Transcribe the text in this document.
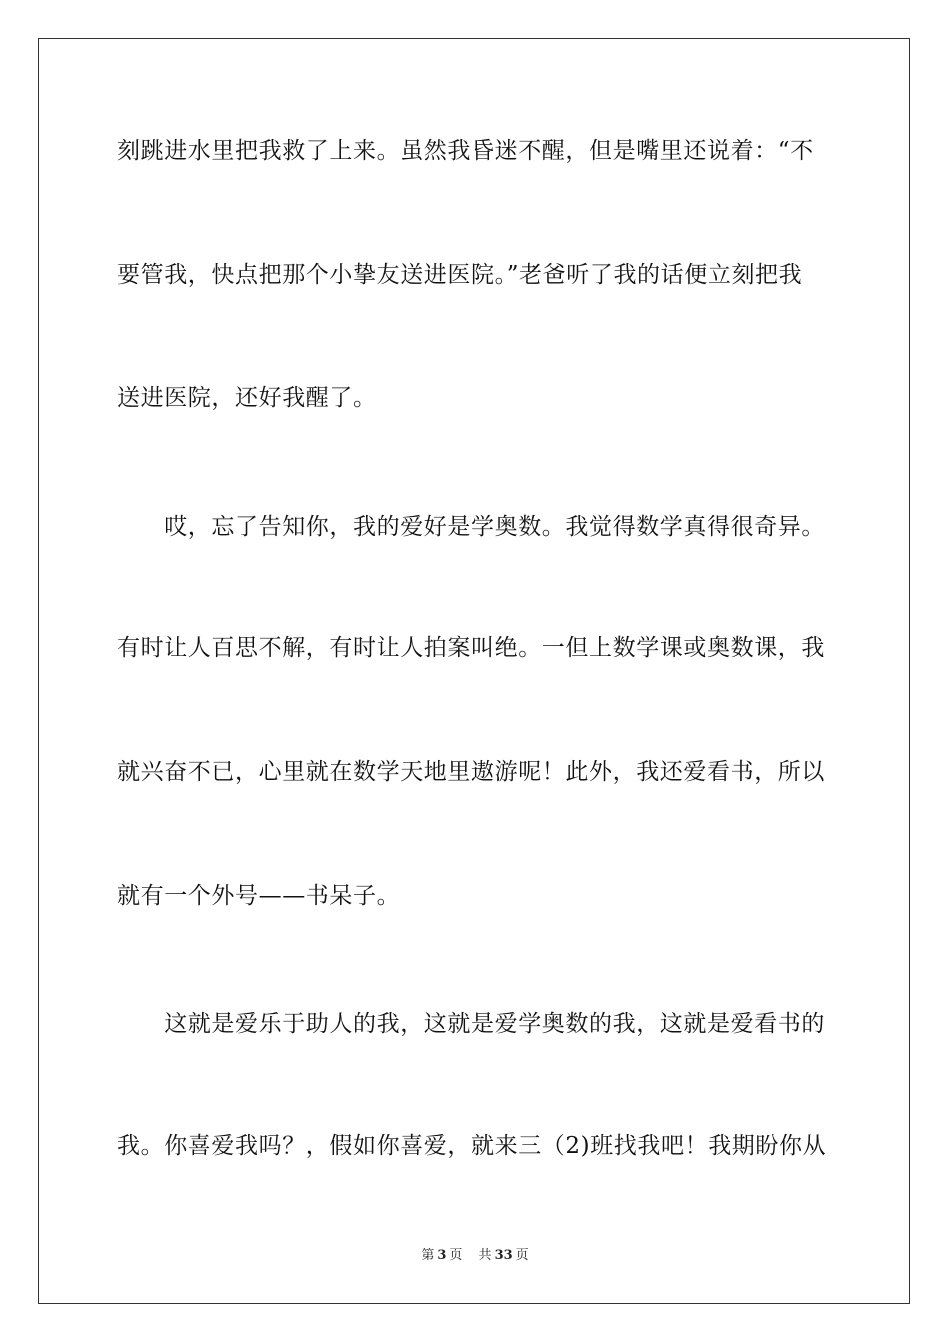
刻跳进水里把我救了上来。虽然我昏迷不醒，但是嘴里还说着：“不
要管我，快点把那个小挚友送进医院。”老爸听了我的话便立刻把我
送进医院，还好我醒了。
　　哎，忘了告知你，我的爱好是学奥数。我觉得数学真得很奇异。
有时让人百思不解，有时让人拍案叫绝。一但上数学课或奥数课，我
就兴奋不已，心里就在数学天地里遨游呢！此外，我还爱看书，所以
就有一个外号——书呆子。
　　这就是爱乐于助人的我，这就是爱学奥数的我，这就是爱看书的
我。你喜爱我吗？，假如你喜爱，就来三（2)班找我吧！我期盼你从
第 3 页 共 33 页
